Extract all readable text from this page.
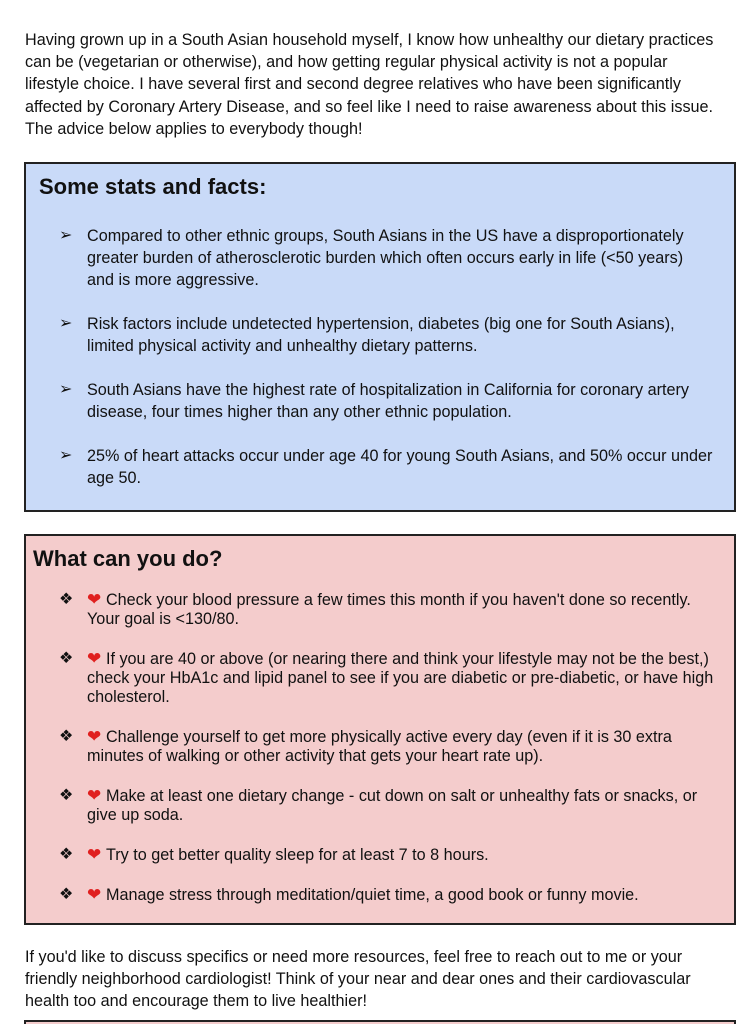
Having grown up in a South Asian household myself, I know how unhealthy our dietary practices can be (vegetarian or otherwise), and how getting regular physical activity is not a popular lifestyle choice. I have several first and second degree relatives who have been significantly affected by Coronary Artery Disease, and so feel like I need to raise awareness about this issue. The advice below applies to everybody though!

Some stats and facts:
➢ Compared to other ethnic groups, South Asians in the US have a disproportionately greater burden of atherosclerotic burden which often occurs early in life (<50 years) and is more aggressive.
➢ Risk factors include undetected hypertension, diabetes (big one for South Asians), limited physical activity and unhealthy dietary patterns.
➢ South Asians have the highest rate of hospitalization in California for coronary artery disease, four times higher than any other ethnic population.
➢ 25% of heart attacks occur under age 40 for young South Asians, and 50% occur under age 50.
What can you do?
❖ ❤ Check your blood pressure a few times this month if you haven't done so recently. Your goal is <130/80.
❖ ❤ If you are 40 or above (or nearing there and think your lifestyle may not be the best,) check your HbA1c and lipid panel to see if you are diabetic or pre-diabetic, or have high cholesterol.
❖ ❤ Challenge yourself to get more physically active every day (even if it is 30 extra minutes of walking or other activity that gets your heart rate up).
❖ ❤ Make at least one dietary change - cut down on salt or unhealthy fats or snacks, or give up soda.
❖ ❤ Try to get better quality sleep for at least 7 to 8 hours.
❖ ❤ Manage stress through meditation/quiet time, a good book or funny movie.

If you'd like to discuss specifics or need more resources, feel free to reach out to me or your friendly neighborhood cardiologist! Think of your near and dear ones and their cardiovascular health too and encourage them to live healthier!
